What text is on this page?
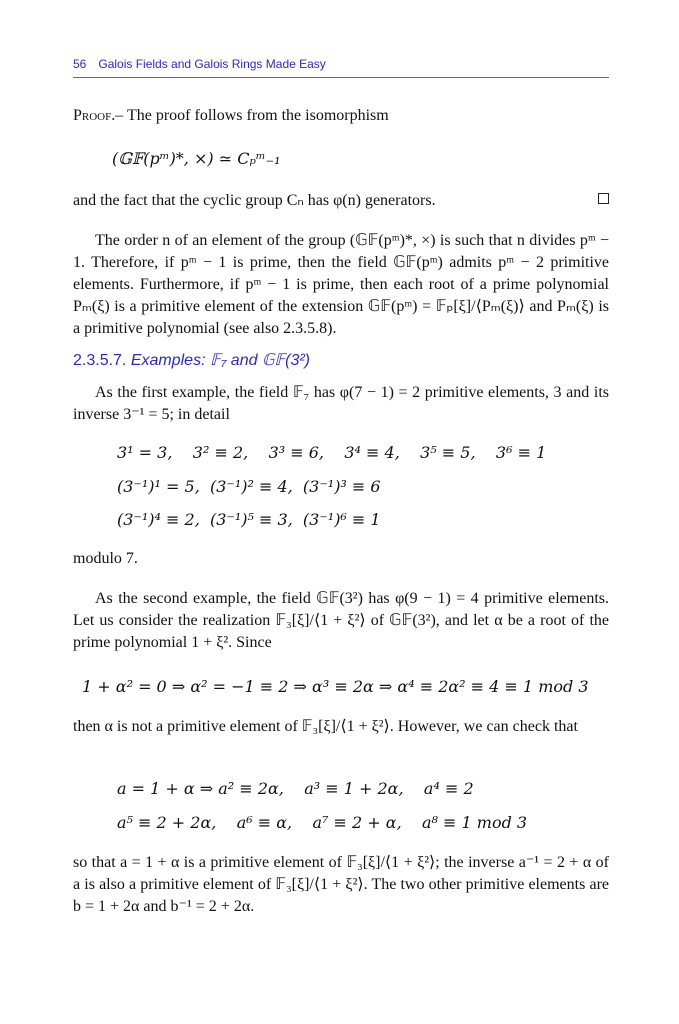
56 Galois Fields and Galois Rings Made Easy
Proof.– The proof follows from the isomorphism
(𝔾𝔽(pᵐ)*, ×) ≃ Cₚᵐ₋₁
and the fact that the cyclic group Cₙ has φ(n) generators.
The order n of an element of the group (𝔾𝔽(pᵐ)*, ×) is such that n divides pᵐ − 1. Therefore, if pᵐ − 1 is prime, then the field 𝔾𝔽(pᵐ) admits pᵐ − 2 primitive elements. Furthermore, if pᵐ − 1 is prime, then each root of a prime polynomial Pₘ(ξ) is a primitive element of the extension 𝔾𝔽(pᵐ) = 𝔽ₚ[ξ]/⟨Pₘ(ξ)⟩ and Pₘ(ξ) is a primitive polynomial (see also 2.3.5.8).
2.3.5.7. Examples: 𝔽₇ and 𝔾𝔽(3²)
As the first example, the field 𝔽₇ has φ(7 − 1) = 2 primitive elements, 3 and its inverse 3⁻¹ = 5; in detail
3¹ = 3,    3² ≡ 2,    3³ ≡ 6,    3⁴ ≡ 4,    3⁵ ≡ 5,    3⁶ ≡ 1
(3⁻¹)¹ = 5,  (3⁻¹)² ≡ 4,  (3⁻¹)³ ≡ 6
(3⁻¹)⁴ ≡ 2,  (3⁻¹)⁵ ≡ 3,  (3⁻¹)⁶ ≡ 1
modulo 7.
As the second example, the field 𝔾𝔽(3²) has φ(9 − 1) = 4 primitive elements. Let us consider the realization 𝔽₃[ξ]/⟨1 + ξ²⟩ of 𝔾𝔽(3²), and let α be a root of the prime polynomial 1 + ξ². Since
1 + α² = 0 ⇒ α² = −1 ≡ 2 ⇒ α³ ≡ 2α ⇒ α⁴ ≡ 2α² ≡ 4 ≡ 1 mod 3
then α is not a primitive element of 𝔽₃[ξ]/⟨1 + ξ²⟩. However, we can check that
a = 1 + α ⇒ a² ≡ 2α,    a³ ≡ 1 + 2α,    a⁴ ≡ 2
a⁵ ≡ 2 + 2α,    a⁶ ≡ α,    a⁷ ≡ 2 + α,    a⁸ ≡ 1 mod 3
so that a = 1 + α is a primitive element of 𝔽₃[ξ]/⟨1 + ξ²⟩; the inverse a⁻¹ = 2 + α of a is also a primitive element of 𝔽₃[ξ]/⟨1 + ξ²⟩. The two other primitive elements are b = 1 + 2α and b⁻¹ = 2 + 2α.
